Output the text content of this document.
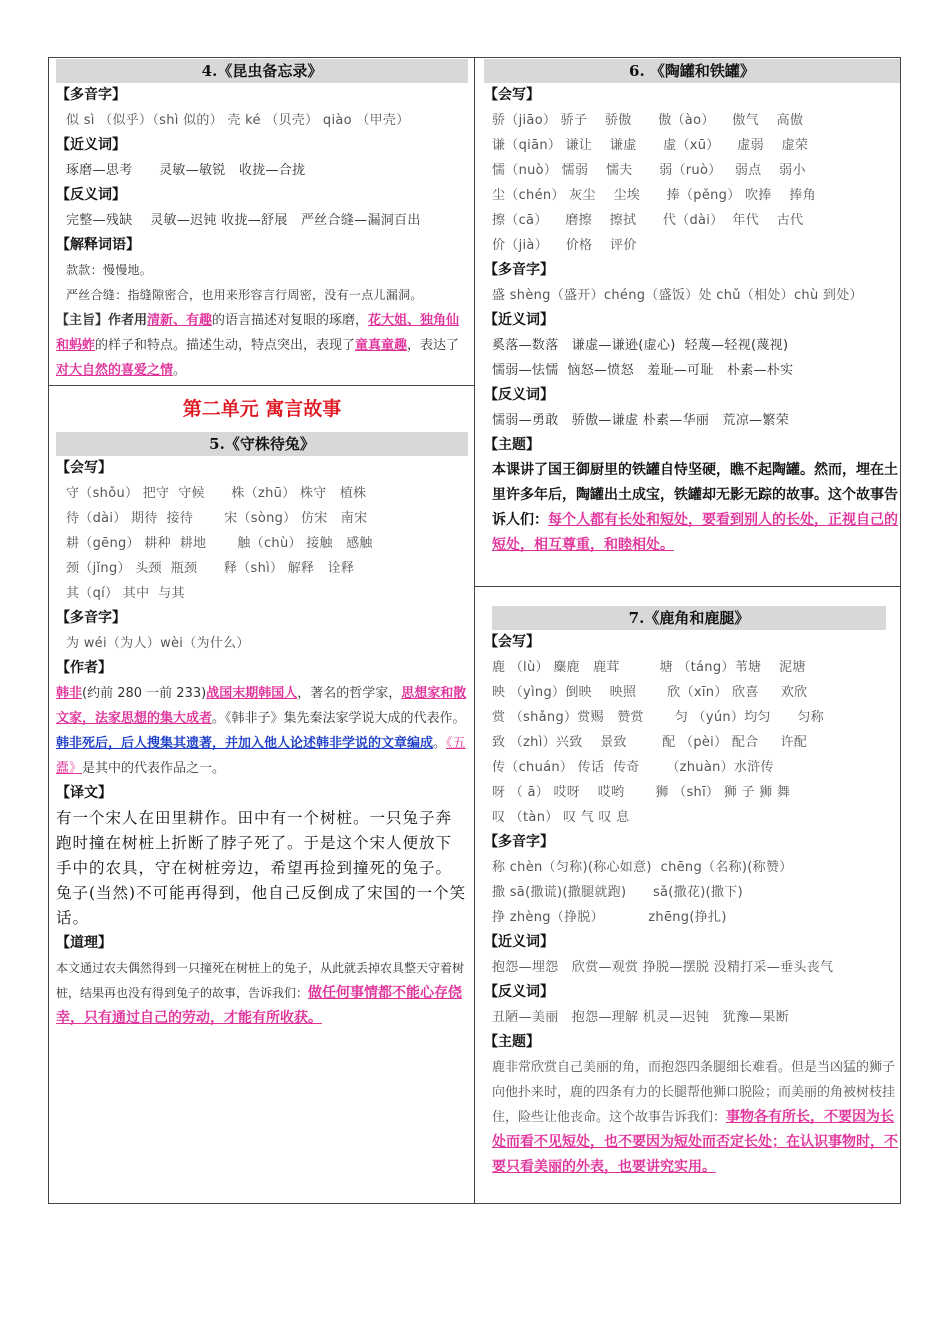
4.《昆虫备忘录》
【多音字】
似 sì （似乎）（shì 似的） 壳 ké （贝壳） qiào （甲壳）
【近义词】
琢磨—思考      灵敏—敏锐   收拢—合拢
【反义词】
完整—残缺    灵敏—迟钝 收拢—舒展   严丝合缝—漏洞百出
【解释词语】
款款：慢慢地。
严丝合缝：指缝隙密合，也用来形容言行周密，没有一点儿漏洞。
【主旨】作者用清新、有趣的语言描述对复眼的琢磨，花大姐、独角仙和蚂蚱的样子和特点。描述生动，特点突出，表现了童真童趣，表达了对大自然的喜爱之情。
第二单元 寓言故事
5.《守株待兔》
【会写】
守（shǒu） 把守  守候      株（zhū） 株守   植株
待（dài） 期待  接待       宋（sòng） 仿宋   南宋
耕（gēng） 耕种  耕地       触（chù） 接触   感触
颈（jǐng） 头颈  瓶颈      释（shì） 解释   诠释
其（qí） 其中  与其
【多音字】
为 wéi（为人）wèi（为什么）
【作者】
韩非(约前 280 一前 233)战国末期韩国人，著名的哲学家，思想家和散文家，法家思想的集大成者。《韩非子》集先秦法家学说大成的代表作。韩非死后，后人搜集其遗著，并加入他人论述韩非学说的文章编成。《五蠹》是其中的代表作品之一。
【译文】
有一个宋人在田里耕作。田中有一个树桩。一只兔子奔跑时撞在树桩上折断了脖子死了。于是这个宋人便放下手中的农具，守在树桩旁边，希望再捡到撞死的兔子。兔子(当然)不可能再得到，他自己反倒成了宋国的一个笑话。
【道理】
本文通过农夫偶然得到一只撞死在树桩上的兔子，从此就丢掉农具整天守着树桩，结果再也没有得到兔子的故事，告诉我们：做任何事情都不能心存侥幸，只有通过自己的劳动，才能有所收获。
6. 《陶罐和铁罐》
【会写】
骄（jiāo） 骄子    骄傲      傲（ào）    傲气    高傲
谦（qiān） 谦让    谦虚      虚（xū）    虚弱    虚荣
懦（nuò） 懦弱    懦夫      弱（ruò）   弱点    弱小
尘（chén） 灰尘    尘埃      捧（pěng） 吹捧    捧角
擦（cā）    磨擦    擦拭      代（dài）  年代    古代
价（jià）    价格    评价
【多音字】
盛 shèng（盛开）chéng（盛饭）处 chǔ（相处）chù 到处）
【近义词】
奚落—数落   谦虚—谦逊(虚心)  轻蔑—轻视(蔑视)
懦弱—怯懦  恼怒—愤怒   羞耻—可耻   朴素—朴实
【反义词】
懦弱—勇敢   骄傲—谦虚 朴素—华丽   荒凉—繁荣
【主题】
本课讲了国王御厨里的铁罐自恃坚硬，瞧不起陶罐。然而，埋在土里许多年后，陶罐出土成宝，铁罐却无影无踪的故事。这个故事告诉人们：每个人都有长处和短处，要看到别人的长处，正视自己的短处，相互尊重，和睦相处。
7.《鹿角和鹿腿》
【会写】
鹿 （lù） 麋鹿   鹿茸         塘 （táng）苇塘    泥塘
映 （yìng）倒映    映照       欣（xīn） 欣喜     欢欣
赏 （shǎng）赏赐   赞赏       匀 （yún）均匀      匀称
致 （zhì）兴致    景致        配 （pèi） 配合     许配
传（chuán） 传话  传奇      （zhuàn）水浒传
呀 （ ā） 哎呀    哎哟       狮 （shī） 狮 子 狮 舞
叹 （tàn） 叹 气 叹 息
【多音字】
称 chèn（匀称)(称心如意)  chēng（名称)(称赞）
撒 sā(撒谎)(撒腿就跑)      sǎ(撒花)(撒下)
挣 zhèng（挣脱）          zhēng(挣扎)
【近义词】
抱怨—埋怨   欣赏—观赏 挣脱—摆脱 没精打采—垂头丧气
【反义词】
丑陋—美丽   抱怨—理解 机灵—迟钝   犹豫—果断
【主题】
鹿非常欣赏自己美丽的角，而抱怨四条腿细长难看。但是当凶猛的狮子向他扑来时，鹿的四条有力的长腿帮他狮口脱险；而美丽的角被树枝挂住，险些让他丧命。这个故事告诉我们：事物各有所长，不要因为长处而看不见短处，也不要因为短处而否定长处；在认识事物时，不要只看美丽的外表，也要讲究实用。
